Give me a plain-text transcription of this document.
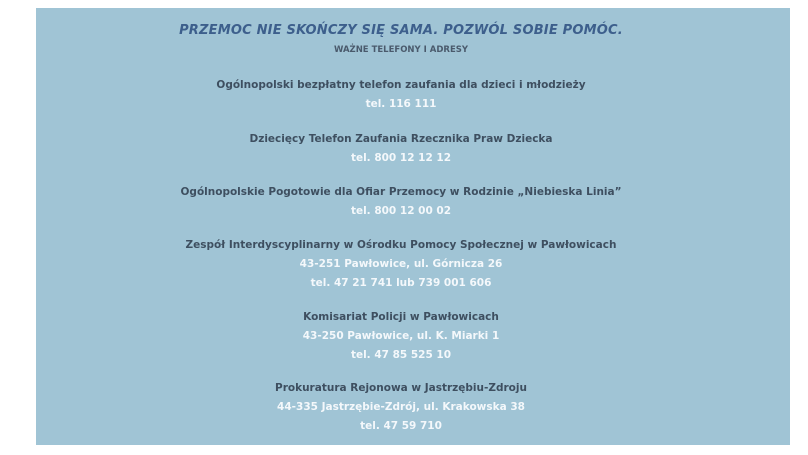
PRZEMOC NIE SKOŃCZY SIĘ SAMA. POZWÓL SOBIE POMÓC.
WAŻNE TELEFONY I ADRESY
Ogólnopolski bezpłatny telefon zaufania dla dzieci i młodzieży
tel. 116 111
Dziecięcy Telefon Zaufania Rzecznika Praw Dziecka
tel. 800 12 12 12
Ogólnopolskie Pogotowie dla Ofiar Przemocy w Rodzinie „Niebieska Linia”
tel. 800 12 00 02
Zespół Interdyscyplinarny w Ośrodku Pomocy Społecznej w Pawłowicach
43-251 Pawłowice, ul. Górnicza 26
tel. 47 21 741 lub 739 001 606
Komisariat Policji w Pawłowicach
43-250 Pawłowice, ul. K. Miarki 1
tel. 47 85 525 10
Prokuratura Rejonowa w Jastrzębiu-Zdroju
44-335 Jastrzębie-Zdrój, ul. Krakowska 38
tel. 47 59 710
